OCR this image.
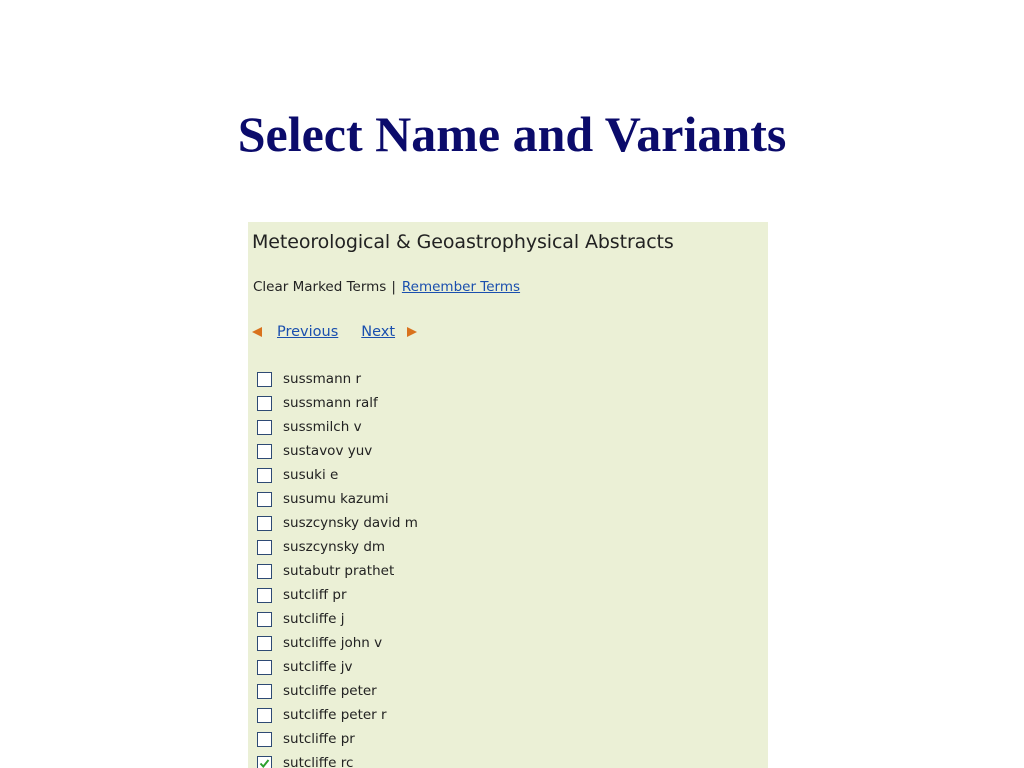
Select Name and Variants
Meteorological & Geoastrophysical Abstracts
Clear Marked Terms | Remember Terms
Previous Next
sussmann r
sussmann ralf
sussmilch v
sustavov yuv
susuki e
susumu kazumi
suszcynsky david m
suszcynsky dm
sutabutr prathet
sutcliff pr
sutcliffe j
sutcliffe john v
sutcliffe jv
sutcliffe peter
sutcliffe peter r
sutcliffe pr
sutcliffe rc
